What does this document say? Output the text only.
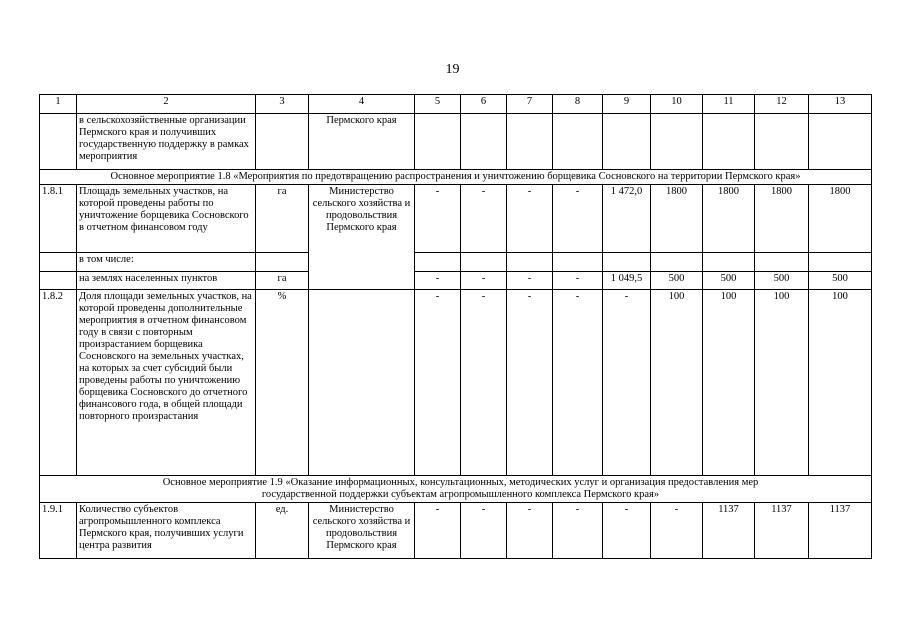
19
1	2	3	4	5	6	7	8	9	10	11	12	13
	в сельскохозяйственные организации Пермского края и получивших государственную поддержку в рамках мероприятия		Пермского края									
Основное мероприятие 1.8 «Мероприятия по предотвращению распространения и уничтожению борщевика Сосновского на территории Пермского края»												
1.8.1	Площадь земельных участков, на которой проведены работы по уничтожение борщевика Сосновского в отчетном финансовом году	га	Министерство сельского хозяйства и продовольствия Пермского края	-	-	-	-	1 472,0	1800	1800	1800	1800
	в том числе:											
	на землях населенных пунктов	га		-	-	-	-	1 049,5	500	500	500	500
1.8.2	Доля площади земельных участков, на которой проведены дополнительные мероприятия в отчетном финансовом году в связи с повторным произрастанием борщевика Сосновского на земельных участках, на которых за счет субсидий были проведены работы по уничтожению борщевика Сосновского до отчетного финансового года, в общей площади повторного произрастания	%		-	-	-	-	-	100	100	100	100
Основное мероприятие 1.9 «Оказание информационных, консультационных, методических услуг и организация предоставления мер государственной поддержки субъектам агропромышленного комплекса Пермского края»												
1.9.1	Количество субъектов агропромышленного комплекса Пермского края, получивших услуги центра развития	ед.	Министерство сельского хозяйства и продовольствия Пермского края	-	-	-	-	-	-	1137	1137	1137
